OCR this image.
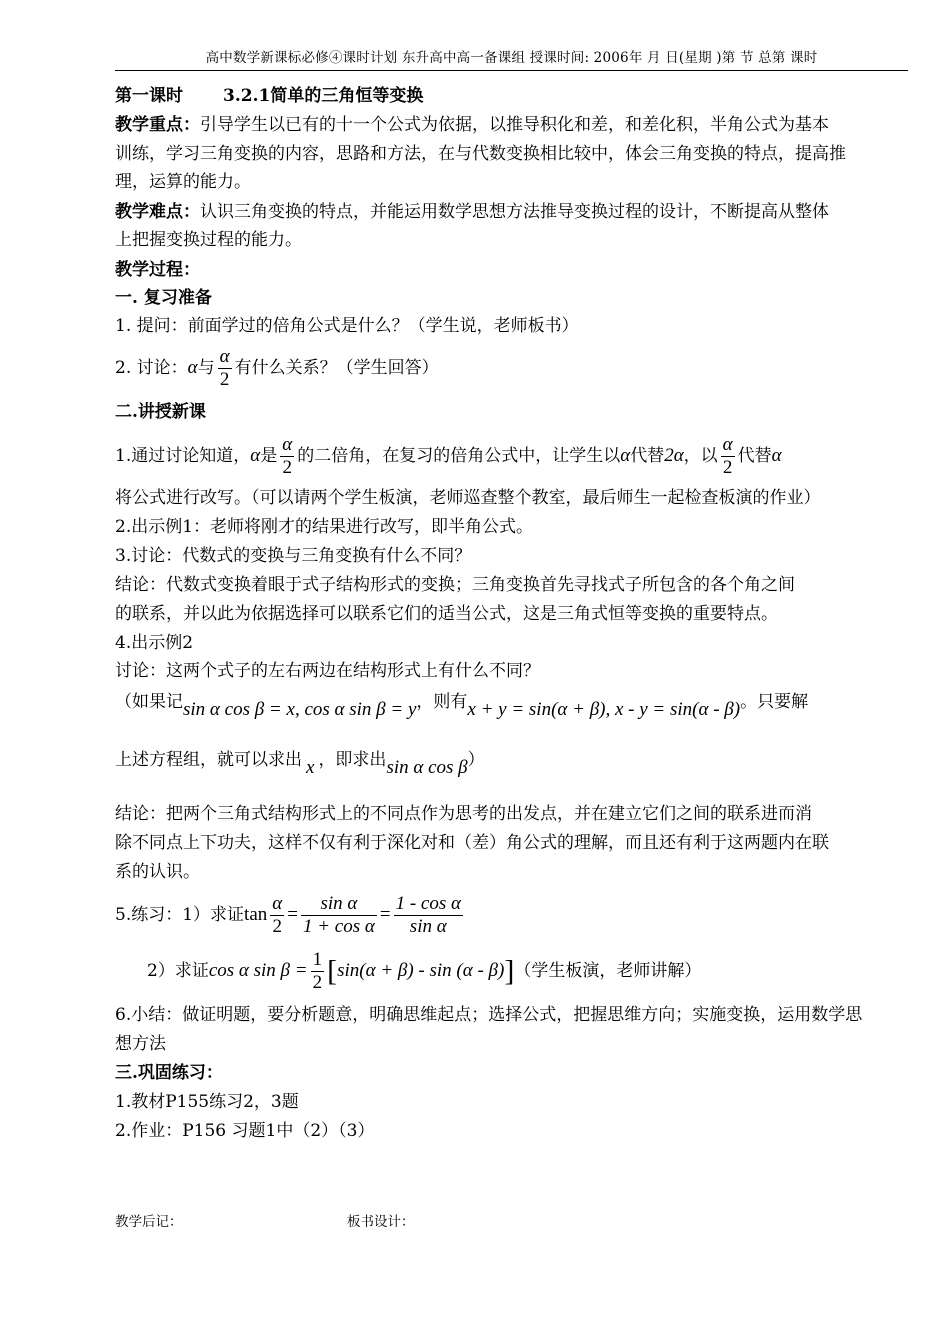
高中数学新课标必修④课时计划 东升高中高一备课组 授课时间: 2006年 月 日(星期 )第 节 总第 课时
第一课时 3.2.1简单的三角恒等变换
教学重点：引导学生以已有的十一个公式为依据，以推导积化和差，和差化积，半角公式为基本
训练，学习三角变换的内容，思路和方法，在与代数变换相比较中，体会三角变换的特点，提高推
理，运算的能力。
教学难点：认识三角变换的特点，并能运用数学思想方法推导变换过程的设计，不断提高从整体
上把握变换过程的能力。
教学过程：
一. 复习准备
1. 提问：前面学过的倍角公式是什么？（学生说，老师板书）
2. 讨论：α与 $\frac{\alpha}{2}$ 有什么关系？（学生回答）
二.讲授新课
1.通过讨论知道，α是 $\frac{\alpha}{2}$ 的二倍角，在复习的倍角公式中，让学生以α代替2α，以 $\frac{\alpha}{2}$ 代替α
将公式进行改写。（可以请两个学生板演，老师巡查整个教室，最后师生一起检查板演的作业）
2.出示例1：老师将刚才的结果进行改写，即半角公式。
3.讨论：代数式的变换与三角变换有什么不同？
结论：代数式变换着眼于式子结构形式的变换；三角变换首先寻找式子所包含的各个角之间
的联系，并以此为依据选择可以联系它们的适当公式，这是三角式恒等变换的重要特点。
4.出示例2
讨论：这两个式子的左右两边在结构形式上有什么不同？
（如果记sin α cos β = x, cos α sin β = y，则有x + y = sin(α + β), x - y = sin(α - β)。只要解
上述方程组，就可以求出 x ，即求出sin α cos β）
结论：把两个三角式结构形式上的不同点作为思考的出发点，并在建立它们之间的联系进而消
除不同点上下功夫，这样不仅有利于深化对和（差）角公式的理解，而且还有利于这两题内在联
系的认识。
5.练习：1）求证$\tan \frac{\alpha}{2} = \frac{\text{sin α}}{\text{1 + cos α}} = \frac{\text{1 - cos α}}{\text{sin α}}$
2）求证cos α $\sin \beta = \frac{1}{2} [\sin(\alpha + \beta) - \sin (\alpha - \beta)]$（学生板演，老师讲解）
6.小结：做证明题，要分析题意，明确思维起点；选择公式，把握思维方向；实施变换，运用数学思
想方法
三.巩固练习：
1.教材P155练习2，3题
2.作业：P156 习题1中（2）（3）
教学后记：	板书设计：
